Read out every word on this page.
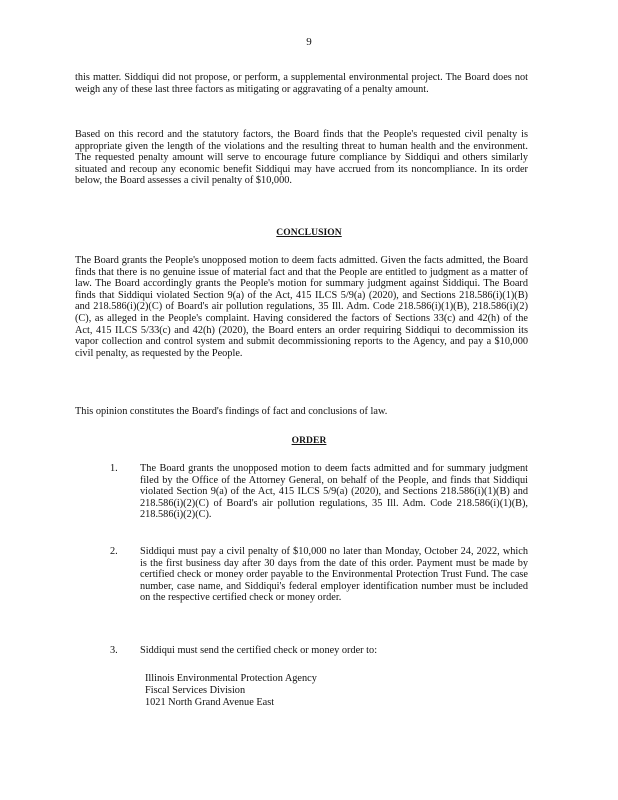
9

this matter. Siddiqui did not propose, or perform, a supplemental environmental project. The Board does not weigh any of these last three factors as mitigating or aggravating of a penalty amount.

Based on this record and the statutory factors, the Board finds that the People's requested civil penalty is appropriate given the length of the violations and the resulting threat to human health and the environment. The requested penalty amount will serve to encourage future compliance by Siddiqui and others similarly situated and recoup any economic benefit Siddiqui may have accrued from its noncompliance. In its order below, the Board assesses a civil penalty of $10,000.

CONCLUSION

The Board grants the People's unopposed motion to deem facts admitted. Given the facts admitted, the Board finds that there is no genuine issue of material fact and that the People are entitled to judgment as a matter of law. The Board accordingly grants the People's motion for summary judgment against Siddiqui. The Board finds that Siddiqui violated Section 9(a) of the Act, 415 ILCS 5/9(a) (2020), and Sections 218.586(i)(1)(B) and 218.586(i)(2)(C) of Board's air pollution regulations, 35 Ill. Adm. Code 218.586(i)(1)(B), 218.586(i)(2)(C), as alleged in the People's complaint. Having considered the factors of Sections 33(c) and 42(h) of the Act, 415 ILCS 5/33(c) and 42(h) (2020), the Board enters an order requiring Siddiqui to decommission its vapor collection and control system and submit decommissioning reports to the Agency, and pay a $10,000 civil penalty, as requested by the People.

This opinion constitutes the Board's findings of fact and conclusions of law.

ORDER
1.	The Board grants the unopposed motion to deem facts admitted and for summary judgment filed by the Office of the Attorney General, on behalf of the People, and finds that Siddiqui violated Section 9(a) of the Act, 415 ILCS 5/9(a) (2020), and Sections 218.586(i)(1)(B) and 218.586(i)(2)(C) of Board's air pollution regulations, 35 Ill. Adm. Code 218.586(i)(1)(B), 218.586(i)(2)(C).
2.	Siddiqui must pay a civil penalty of $10,000 no later than Monday, October 24, 2022, which is the first business day after 30 days from the date of this order. Payment must be made by certified check or money order payable to the Environmental Protection Trust Fund. The case number, case name, and Siddiqui's federal employer identification number must be included on the respective certified check or money order.
3.	Siddiqui must send the certified check or money order to:
Illinois Environmental Protection Agency
Fiscal Services Division
1021 North Grand Avenue East
